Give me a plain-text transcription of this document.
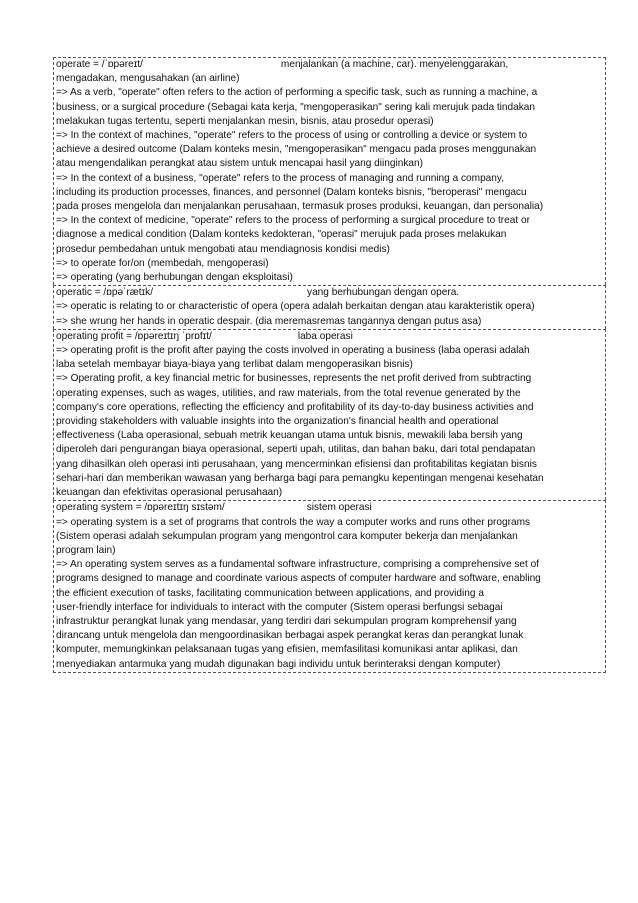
operate = /ˈɒpəreɪt/	menjalankan (a machine, car). menyelenggarakan,
mengadakan, mengusahakan (an airline)
=> As a verb, "operate" often refers to the action of performing a specific task, such as running a machine, a
business, or a surgical procedure (Sebagai kata kerja, "mengoperasikan" sering kali merujuk pada tindakan
melakukan tugas tertentu, seperti menjalankan mesin, bisnis, atau prosedur operasi)
=> In the context of machines, "operate" refers to the process of using or controlling a device or system to
achieve a desired outcome (Dalam konteks mesin, "mengoperasikan" mengacu pada proses menggunakan
atau mengendalikan perangkat atau sistem untuk mencapai hasil yang diinginkan)
=> In the context of a business, "operate" refers to the process of managing and running a company,
including its production processes, finances, and personnel (Dalam konteks bisnis, "beroperasi" mengacu
pada proses mengelola dan menjalankan perusahaan, termasuk proses produksi, keuangan, dan personalia)
=> In the context of medicine, "operate" refers to the process of performing a surgical procedure to treat or
diagnose a medical condition (Dalam konteks kedokteran, "operasi" merujuk pada proses melakukan
prosedur pembedahan untuk mengobati atau mendiagnosis kondisi medis)
=> to operate for/on (membedah, mengoperasi)
=> operating (yang berhubungan dengan eksploitasi)
operatic = /ɒpəˈrætɪk/	yang berhubungan dengan opera.
=> operatic is relating to or characteristic of opera (opera adalah berkaitan dengan atau karakteristik opera)
=> she wrung her hands in operatic despair. (dia meremasremas tangannya dengan putus asa)
operating profit = /ɒpəreɪtɪŋ ˈprɒfɪt/	laba operasi
=> operating profit is the profit after paying the costs involved in operating a business (laba operasi adalah
laba setelah membayar biaya-biaya yang terlibat dalam mengoperasikan bisnis)
=> Operating profit, a key financial metric for businesses, represents the net profit derived from subtracting
operating expenses, such as wages, utilities, and raw materials, from the total revenue generated by the
company's core operations, reflecting the efficiency and profitability of its day-to-day business activities and
providing stakeholders with valuable insights into the organization's financial health and operational
effectiveness (Laba operasional, sebuah metrik keuangan utama untuk bisnis, mewakili laba bersih yang
diperoleh dari pengurangan biaya operasional, seperti upah, utilitas, dan bahan baku, dari total pendapatan
yang dihasilkan oleh operasi inti perusahaan, yang mencerminkan efisiensi dan profitabilitas kegiatan bisnis
sehari-hari dan memberikan wawasan yang berharga bagi para pemangku kepentingan mengenai kesehatan
keuangan dan efektivitas operasional perusahaan)
operating system = /ɒpəreɪtɪŋ sɪstəm/	sistem operasi
=> operating system is a set of programs that controls the way a computer works and runs other programs
(Sistem operasi adalah sekumpulan program yang mengontrol cara komputer bekerja dan menjalankan
program lain)
=> An operating system serves as a fundamental software infrastructure, comprising a comprehensive set of
programs designed to manage and coordinate various aspects of computer hardware and software, enabling
the efficient execution of tasks, facilitating communication between applications, and providing a
user-friendly interface for individuals to interact with the computer (Sistem operasi berfungsi sebagai
infrastruktur perangkat lunak yang mendasar, yang terdiri dari sekumpulan program komprehensif yang
dirancang untuk mengelola dan mengoordinasikan berbagai aspek perangkat keras dan perangkat lunak
komputer, memungkinkan pelaksanaan tugas yang efisien, memfasilitasi komunikasi antar aplikasi, dan
menyediakan antarmuka yang mudah digunakan bagi individu untuk berinteraksi dengan komputer)
